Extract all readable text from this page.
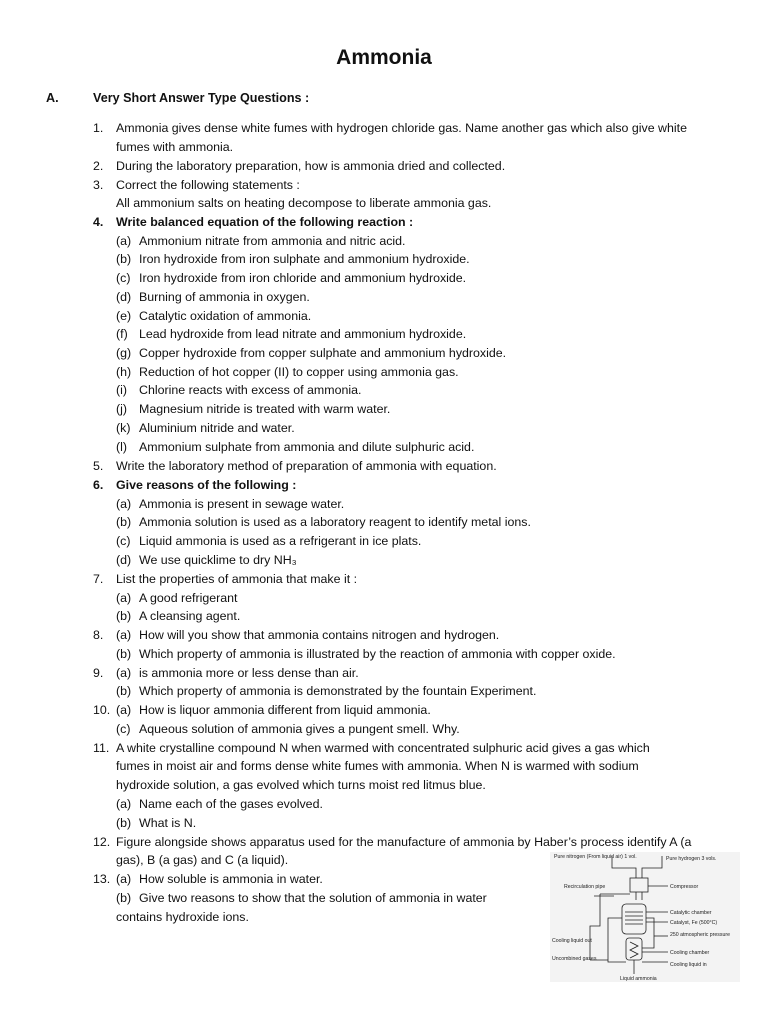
Ammonia
A.	Very Short Answer Type Questions :
1. Ammonia gives dense white fumes with hydrogen chloride gas. Name another gas which also give white
fumes with ammonia.
2. During the laboratory preparation, how is ammonia dried and collected.
3. Correct the following statements :
All ammonium salts on heating decompose to liberate ammonia gas.
4. Write balanced equation of the following reaction :
(a) Ammonium nitrate from ammonia and nitric acid.
(b) Iron hydroxide from iron sulphate and ammonium hydroxide.
(c) Iron hydroxide from iron chloride and ammonium hydroxide.
(d) Burning of ammonia in oxygen.
(e) Catalytic oxidation of ammonia.
(f) Lead hydroxide from lead nitrate and ammonium hydroxide.
(g) Copper hydroxide from copper sulphate and ammonium hydroxide.
(h) Reduction of hot copper (II) to copper using ammonia gas.
(i) Chlorine reacts with excess of ammonia.
(j) Magnesium nitride is treated with warm water.
(k) Aluminium nitride and water.
(l) Ammonium sulphate from ammonia and dilute sulphuric acid.
5. Write the laboratory method of preparation of ammonia with equation.
6. Give reasons of the following :
(a) Ammonia is present in sewage water.
(b) Ammonia solution is used as a laboratory reagent to identify metal ions.
(c) Liquid ammonia is used as a refrigerant in ice plats.
(d) We use quicklime to dry NH₃
7. List the properties of ammonia that make it :
(a) A good refrigerant
(b) A cleansing agent.
8. (a) How will you show that ammonia contains nitrogen and hydrogen.
(b) Which property of ammonia is illustrated by the reaction of ammonia with copper oxide.
9. (a) is ammonia more or less dense than air.
(b) Which property of ammonia is demonstrated by the fountain Experiment.
10. (a) How is liquor ammonia different from liquid ammonia.
(c) Aqueous solution of ammonia gives a pungent smell. Why.
11. A white crystalline compound N when warmed with concentrated sulphuric acid gives a gas which
fumes in moist air and forms dense white fumes with ammonia. When N is warmed with sodium
hydroxide solution, a gas evolved which turns moist red litmus blue.
(a) Name each of the gases evolved.
(b) What is N.
12. Figure alongside shows apparatus used for the manufacture of ammonia by Haber’s process identify A (a
gas), B (a gas) and C (a liquid).
13. (a) How soluble is ammonia in water.
(b) Give two reasons to show that the solution of ammonia in water
contains hydroxide ions.
Pure nitrogen (From liquid air) 1 vol.	Pure hydrogen 3 vols.
Recirculation pipe	Compressor
Catalytic chamber
Catalyst, Fe (500°C)
250 atmospheric pressure
Cooling liquid out
Uncombined gases
Cooling chamber
Cooling liquid in
Liquid ammonia
